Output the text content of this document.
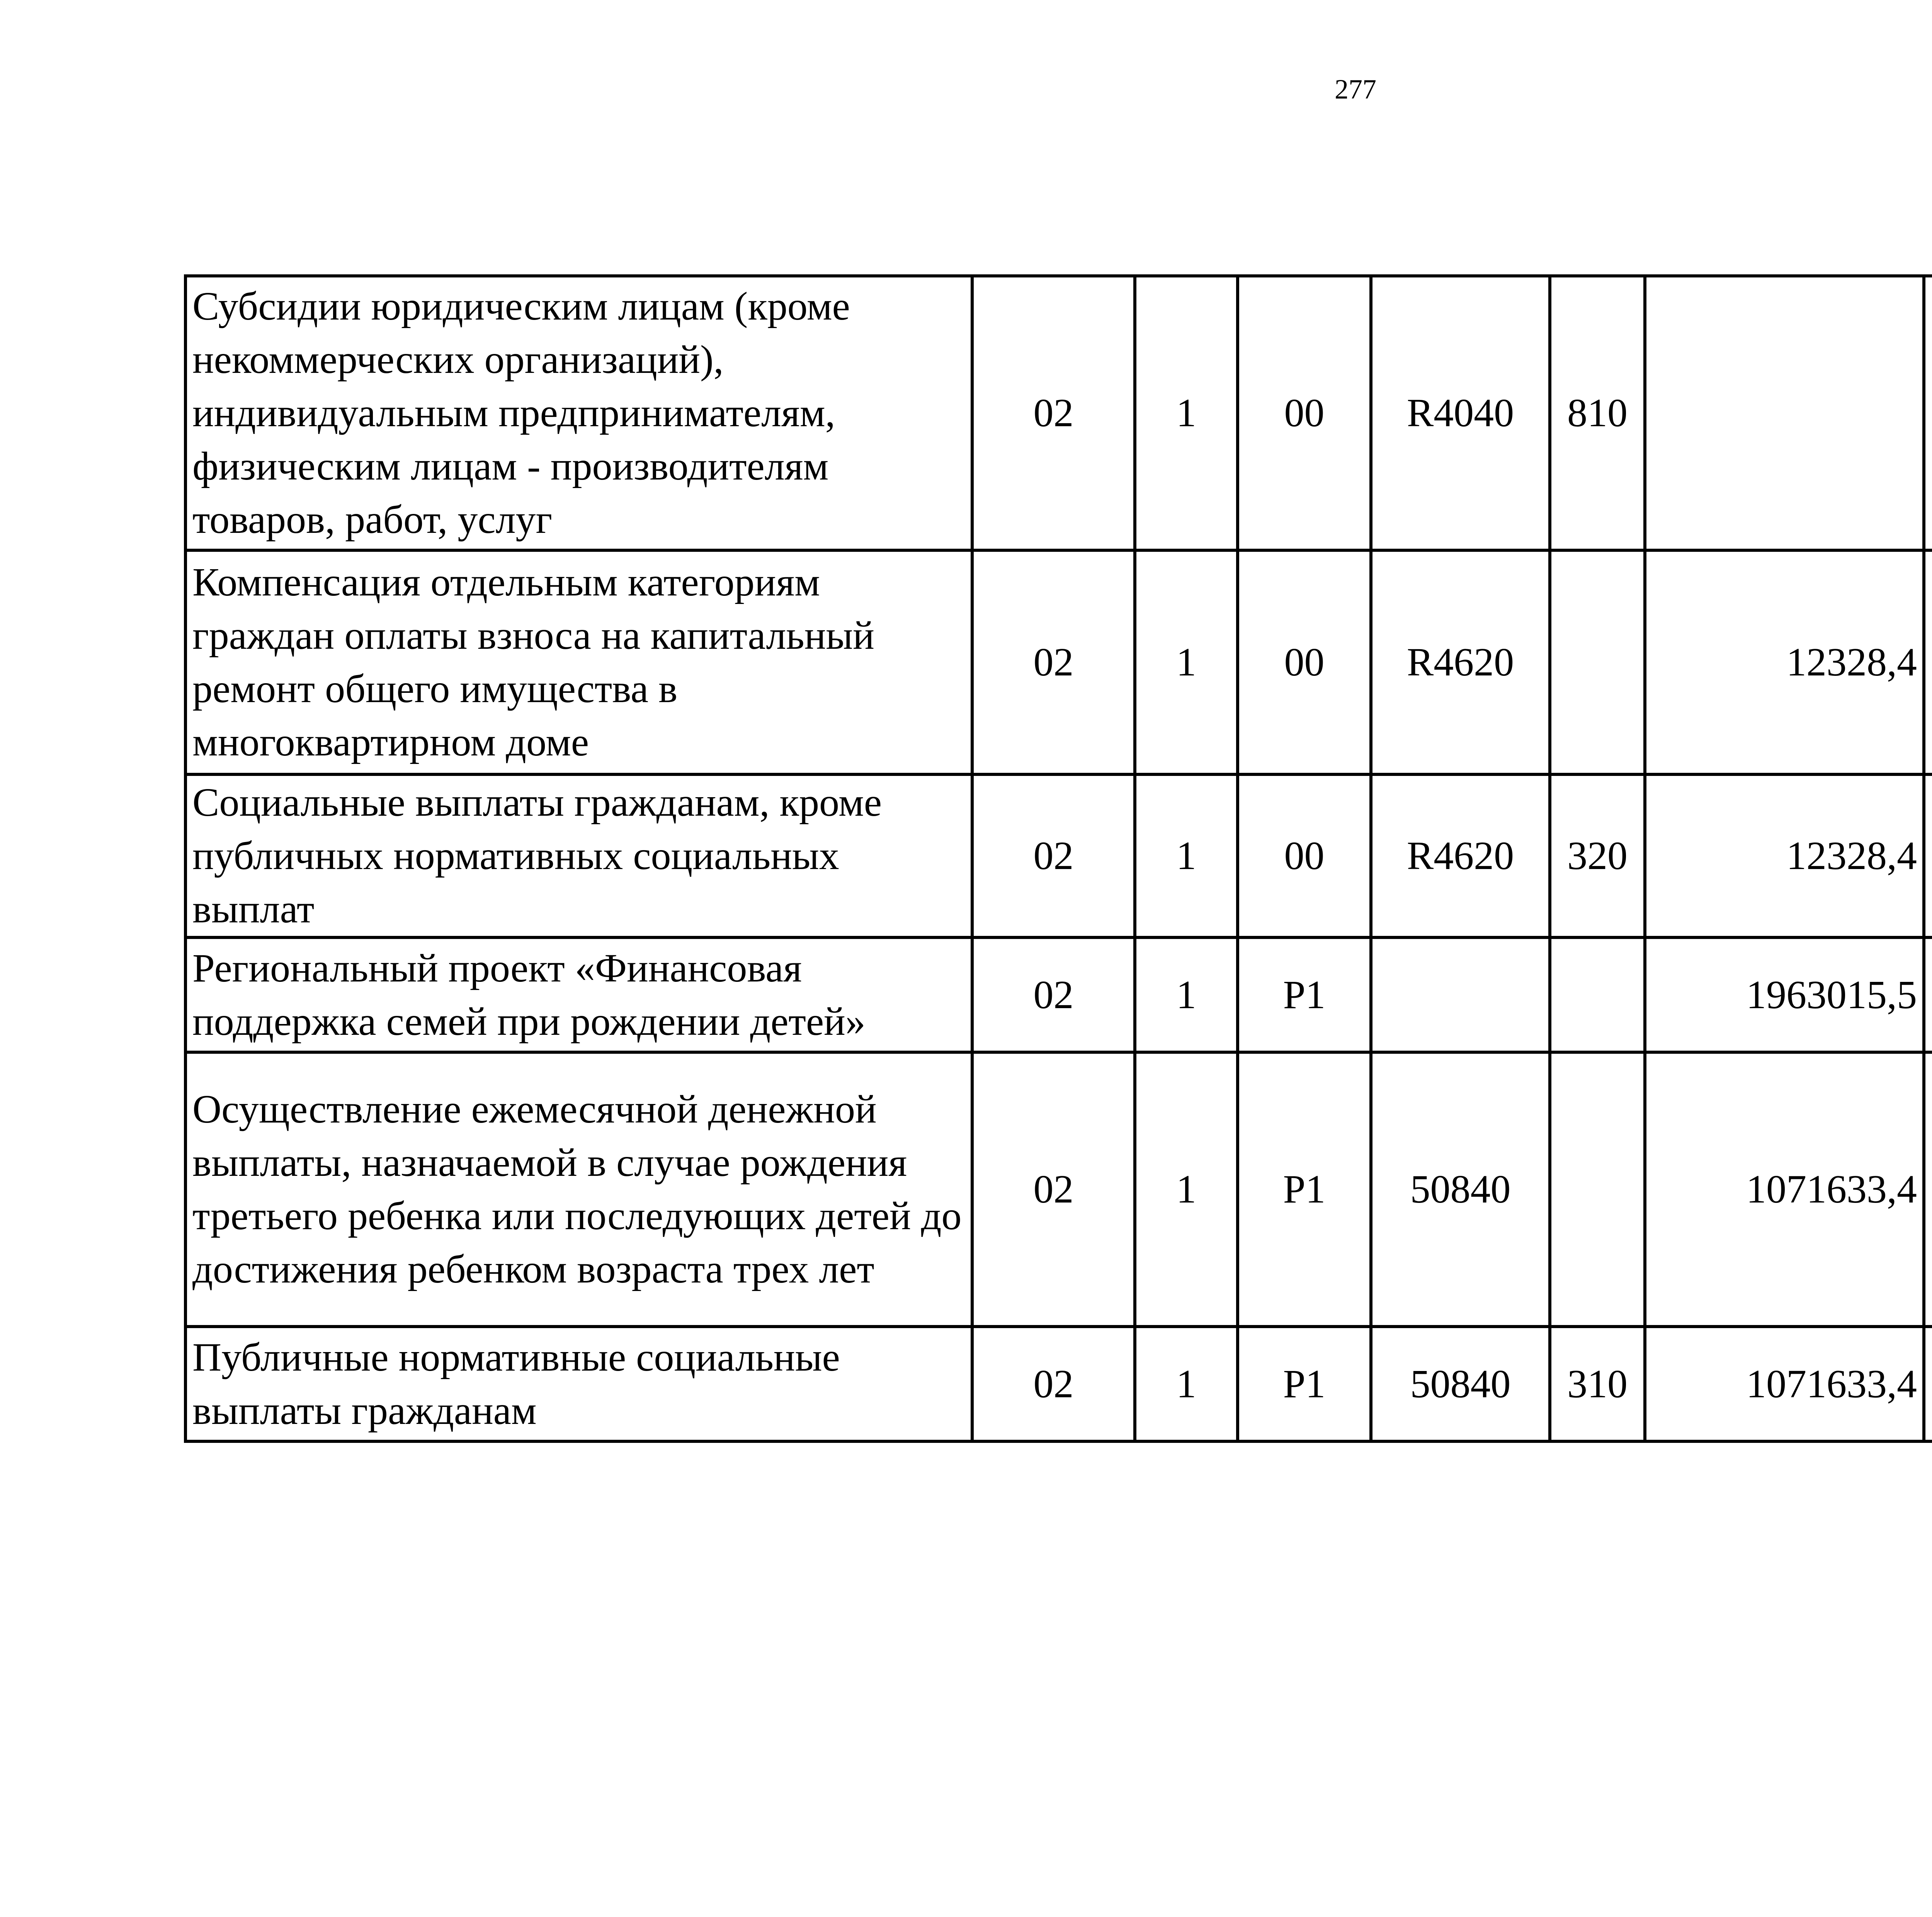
277
Субсидии юридическим лицам (кроме некоммерческих организаций), индивидуальным предпринимателям, физическим лицам - производителям товаров, работ, услуг	02	1	00	R4040	810			
Компенсация отдельным категориям граждан оплаты взноса на капитальный ремонт общего имущества в многоквартирном доме	02	1	00	R4620		12328,4		
Социальные выплаты гражданам, кроме публичных нормативных социальных выплат	02	1	00	R4620	320	12328,4		
Региональный проект «Финансовая поддержка семей при рождении детей»	02	1	P1			1963015,5		
Осуществление ежемесячной денежной выплаты, назначаемой в случае рождения третьего ребенка или последующих детей до достижения ребенком возраста трех лет	02	1	P1	50840		1071633,4		
Публичные нормативные социальные выплаты гражданам	02	1	P1	50840	310	1071633,4		
